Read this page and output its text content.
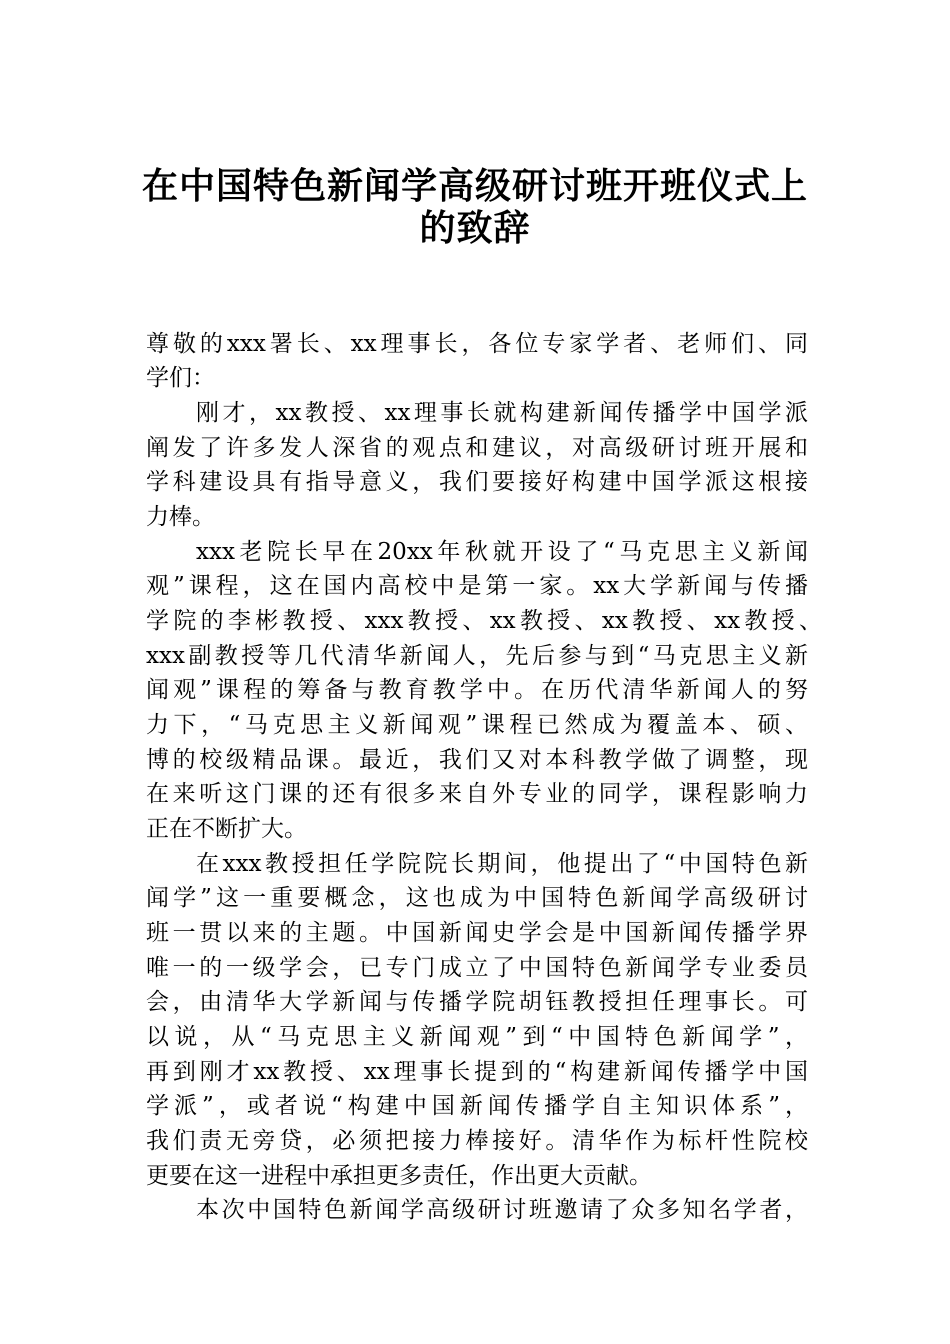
在中国特色新闻学高级研讨班开班仪式上
的致辞
尊敬的xxx署长、xx理事长，各位专家学者、老师们、同
学们：
刚才，xx教授、xx理事长就构建新闻传播学中国学派
阐发了许多发人深省的观点和建议，对高级研讨班开展和
学科建设具有指导意义，我们要接好构建中国学派这根接
力棒。
xxx老院长早在20xx年秋就开设了“马克思主义新闻
观”课程，这在国内高校中是第一家。xx大学新闻与传播
学院的李彬教授、xxx教授、xx教授、xx教授、xx教授、
xxx副教授等几代清华新闻人，先后参与到“马克思主义新
闻观”课程的筹备与教育教学中。在历代清华新闻人的努
力下，“马克思主义新闻观”课程已然成为覆盖本、硕、
博的校级精品课。最近，我们又对本科教学做了调整，现
在来听这门课的还有很多来自外专业的同学，课程影响力
正在不断扩大。
在xxx教授担任学院院长期间，他提出了“中国特色新
闻学”这一重要概念，这也成为中国特色新闻学高级研讨
班一贯以来的主题。中国新闻史学会是中国新闻传播学界
唯一的一级学会，已专门成立了中国特色新闻学专业委员
会，由清华大学新闻与传播学院胡钰教授担任理事长。可
以说，从“马克思主义新闻观”到“中国特色新闻学”，
再到刚才xx教授、xx理事长提到的“构建新闻传播学中国
学派”，或者说“构建中国新闻传播学自主知识体系”，
我们责无旁贷，必须把接力棒接好。清华作为标杆性院校
更要在这一进程中承担更多责任，作出更大贡献。
本次中国特色新闻学高级研讨班邀请了众多知名学者，
